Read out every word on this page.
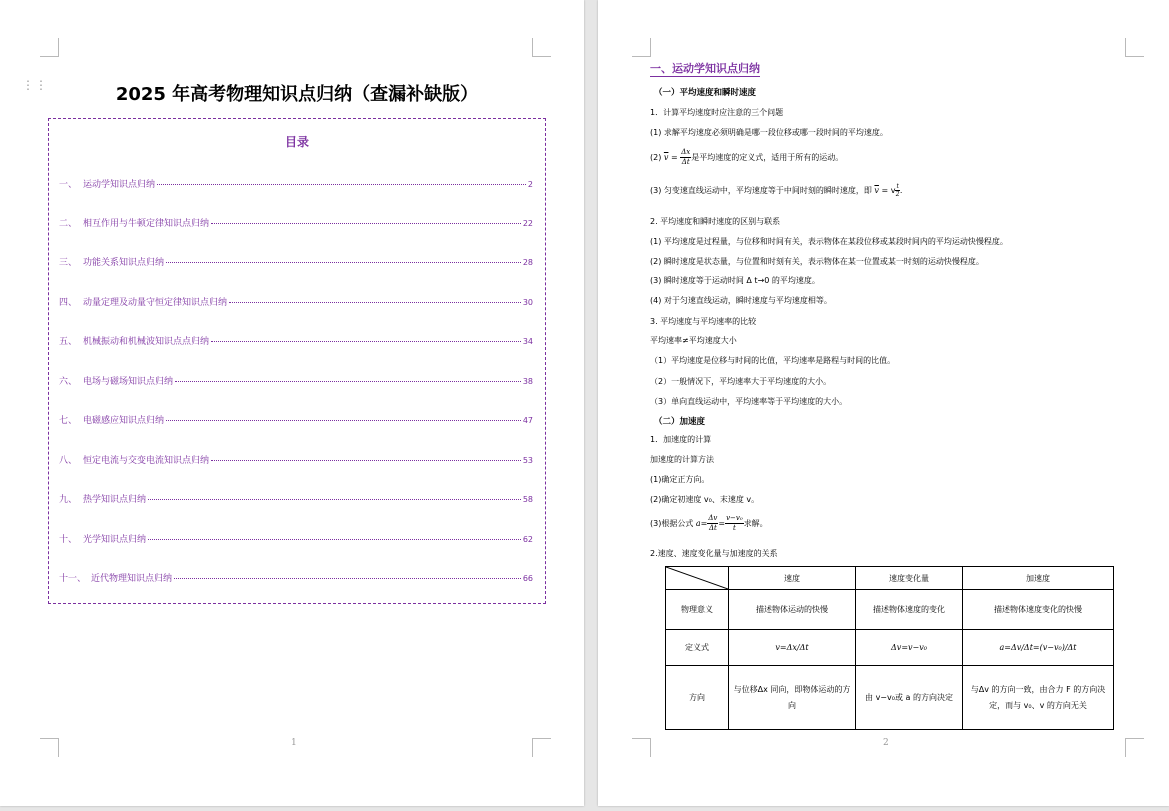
⋮⋮	2025 年高考物理知识点归纳（查漏补缺版）
目录
一、 运动学知识点归纳	2
二、 相互作用与牛顿定律知识点归纳	22
三、 功能关系知识点归纳	28
四、 动量定理及动量守恒定律知识点归纳	30
五、 机械振动和机械波知识点点归纳	34
六、 电场与磁场知识点归纳	38
七、 电磁感应知识点归纳	47
八、 恒定电流与交变电流知识点归纳	53
九、 热学知识点归纳	58
十、 光学知识点归纳	62
十一、 近代物理知识点归纳	66
1
一、运动学知识点归纳
（一）平均速度和瞬时速度
1．计算平均速度时应注意的三个问题
(1) 求解平均速度必须明确是哪一段位移或哪一段时间的平均速度。
(2) $\overline{v} = \frac{\Delta x}{\Delta t}$ 是平均速度的定义式，适用于所有的运动。
(3) 匀变速直线运动中，平均速度等于中间时刻的瞬时速度，即 $\overline{v} = v \frac{t}{2}$ .
2. 平均速度和瞬时速度的区别与联系
(1) 平均速度是过程量，与位移和时间有关，表示物体在某段位移或某段时间内的平均运动快慢程度。
(2) 瞬时速度是状态量，与位置和时刻有关，表示物体在某一位置或某一时刻的运动快慢程度。
(3) 瞬时速度等于运动时间 Δ t→0 的平均速度。
(4) 对于匀速直线运动，瞬时速度与平均速度相等。
3. 平均速度与平均速率的比较
平均速率≠平均速度大小
（1）平均速度是位移与时间的比值，平均速率是路程与时间的比值。
（2）一般情况下，平均速率大于平均速度的大小。
（3）单向直线运动中，平均速率等于平均速度的大小。
（二）加速度
1．加速度的计算
加速度的计算方法
(1)确定正方向。
(2)确定初速度 v₀、末速度 v。
(3)根据公式 $a= \frac{\Delta v}{\Delta t} = \frac{\text{v−v₀}}{t}$ 求解。
2.速度、速度变化量与加速度的关系
2
	速度	速度变化量	加速度
物理意义	描述物体运动的快慢	描述物体速度的变化	描述物体速度变化的快慢
定义式	v=Δx/Δt	Δv=v−v₀	a=Δv/Δt=(v−v₀)/Δt
方向	与位移Δx 同向，即物体运动的方向	由 v−v₀或 a 的方向决定	与Δv 的方向一致，由合力 F 的方向决定，而与 v₀、v 的方向无关
